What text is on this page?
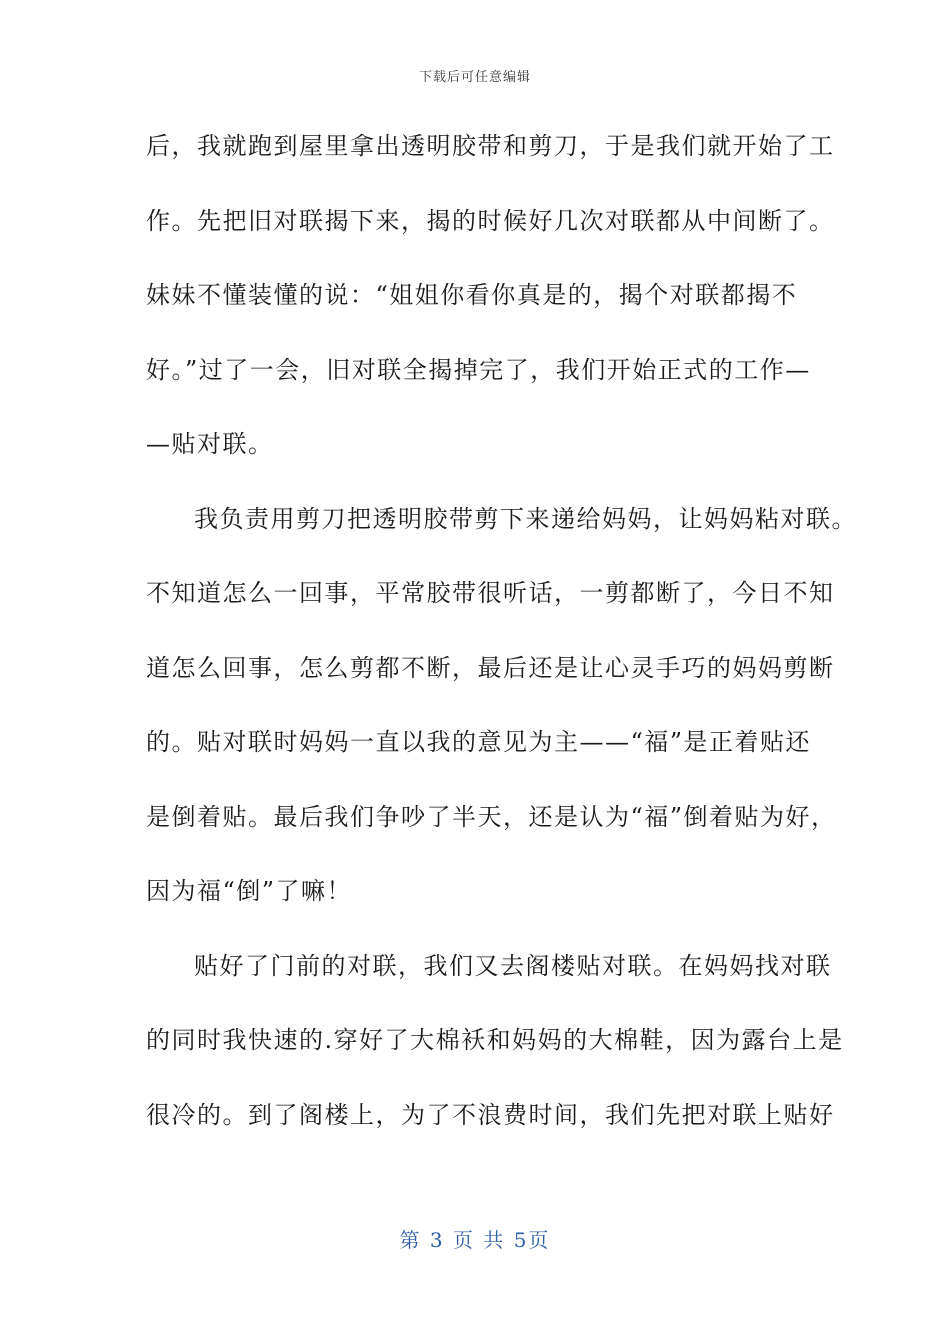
下载后可任意编辑
后，我就跑到屋里拿出透明胶带和剪刀，于是我们就开始了工
作。先把旧对联揭下来，揭的时候好几次对联都从中间断了。
妹妹不懂装懂的说：“姐姐你看你真是的，揭个对联都揭不
好。”过了一会，旧对联全揭掉完了，我们开始正式的工作—
—贴对联。
我负责用剪刀把透明胶带剪下来递给妈妈，让妈妈粘对联。
不知道怎么一回事，平常胶带很听话，一剪都断了，今日不知
道怎么回事，怎么剪都不断，最后还是让心灵手巧的妈妈剪断
的。贴对联时妈妈一直以我的意见为主——“福”是正着贴还
是倒着贴。最后我们争吵了半天，还是认为“福”倒着贴为好，
因为福“倒”了嘛！
贴好了门前的对联，我们又去阁楼贴对联。在妈妈找对联
的同时我快速的.穿好了大棉袄和妈妈的大棉鞋，因为露台上是
很冷的。到了阁楼上，为了不浪费时间，我们先把对联上贴好
第 3 页 共 5页
